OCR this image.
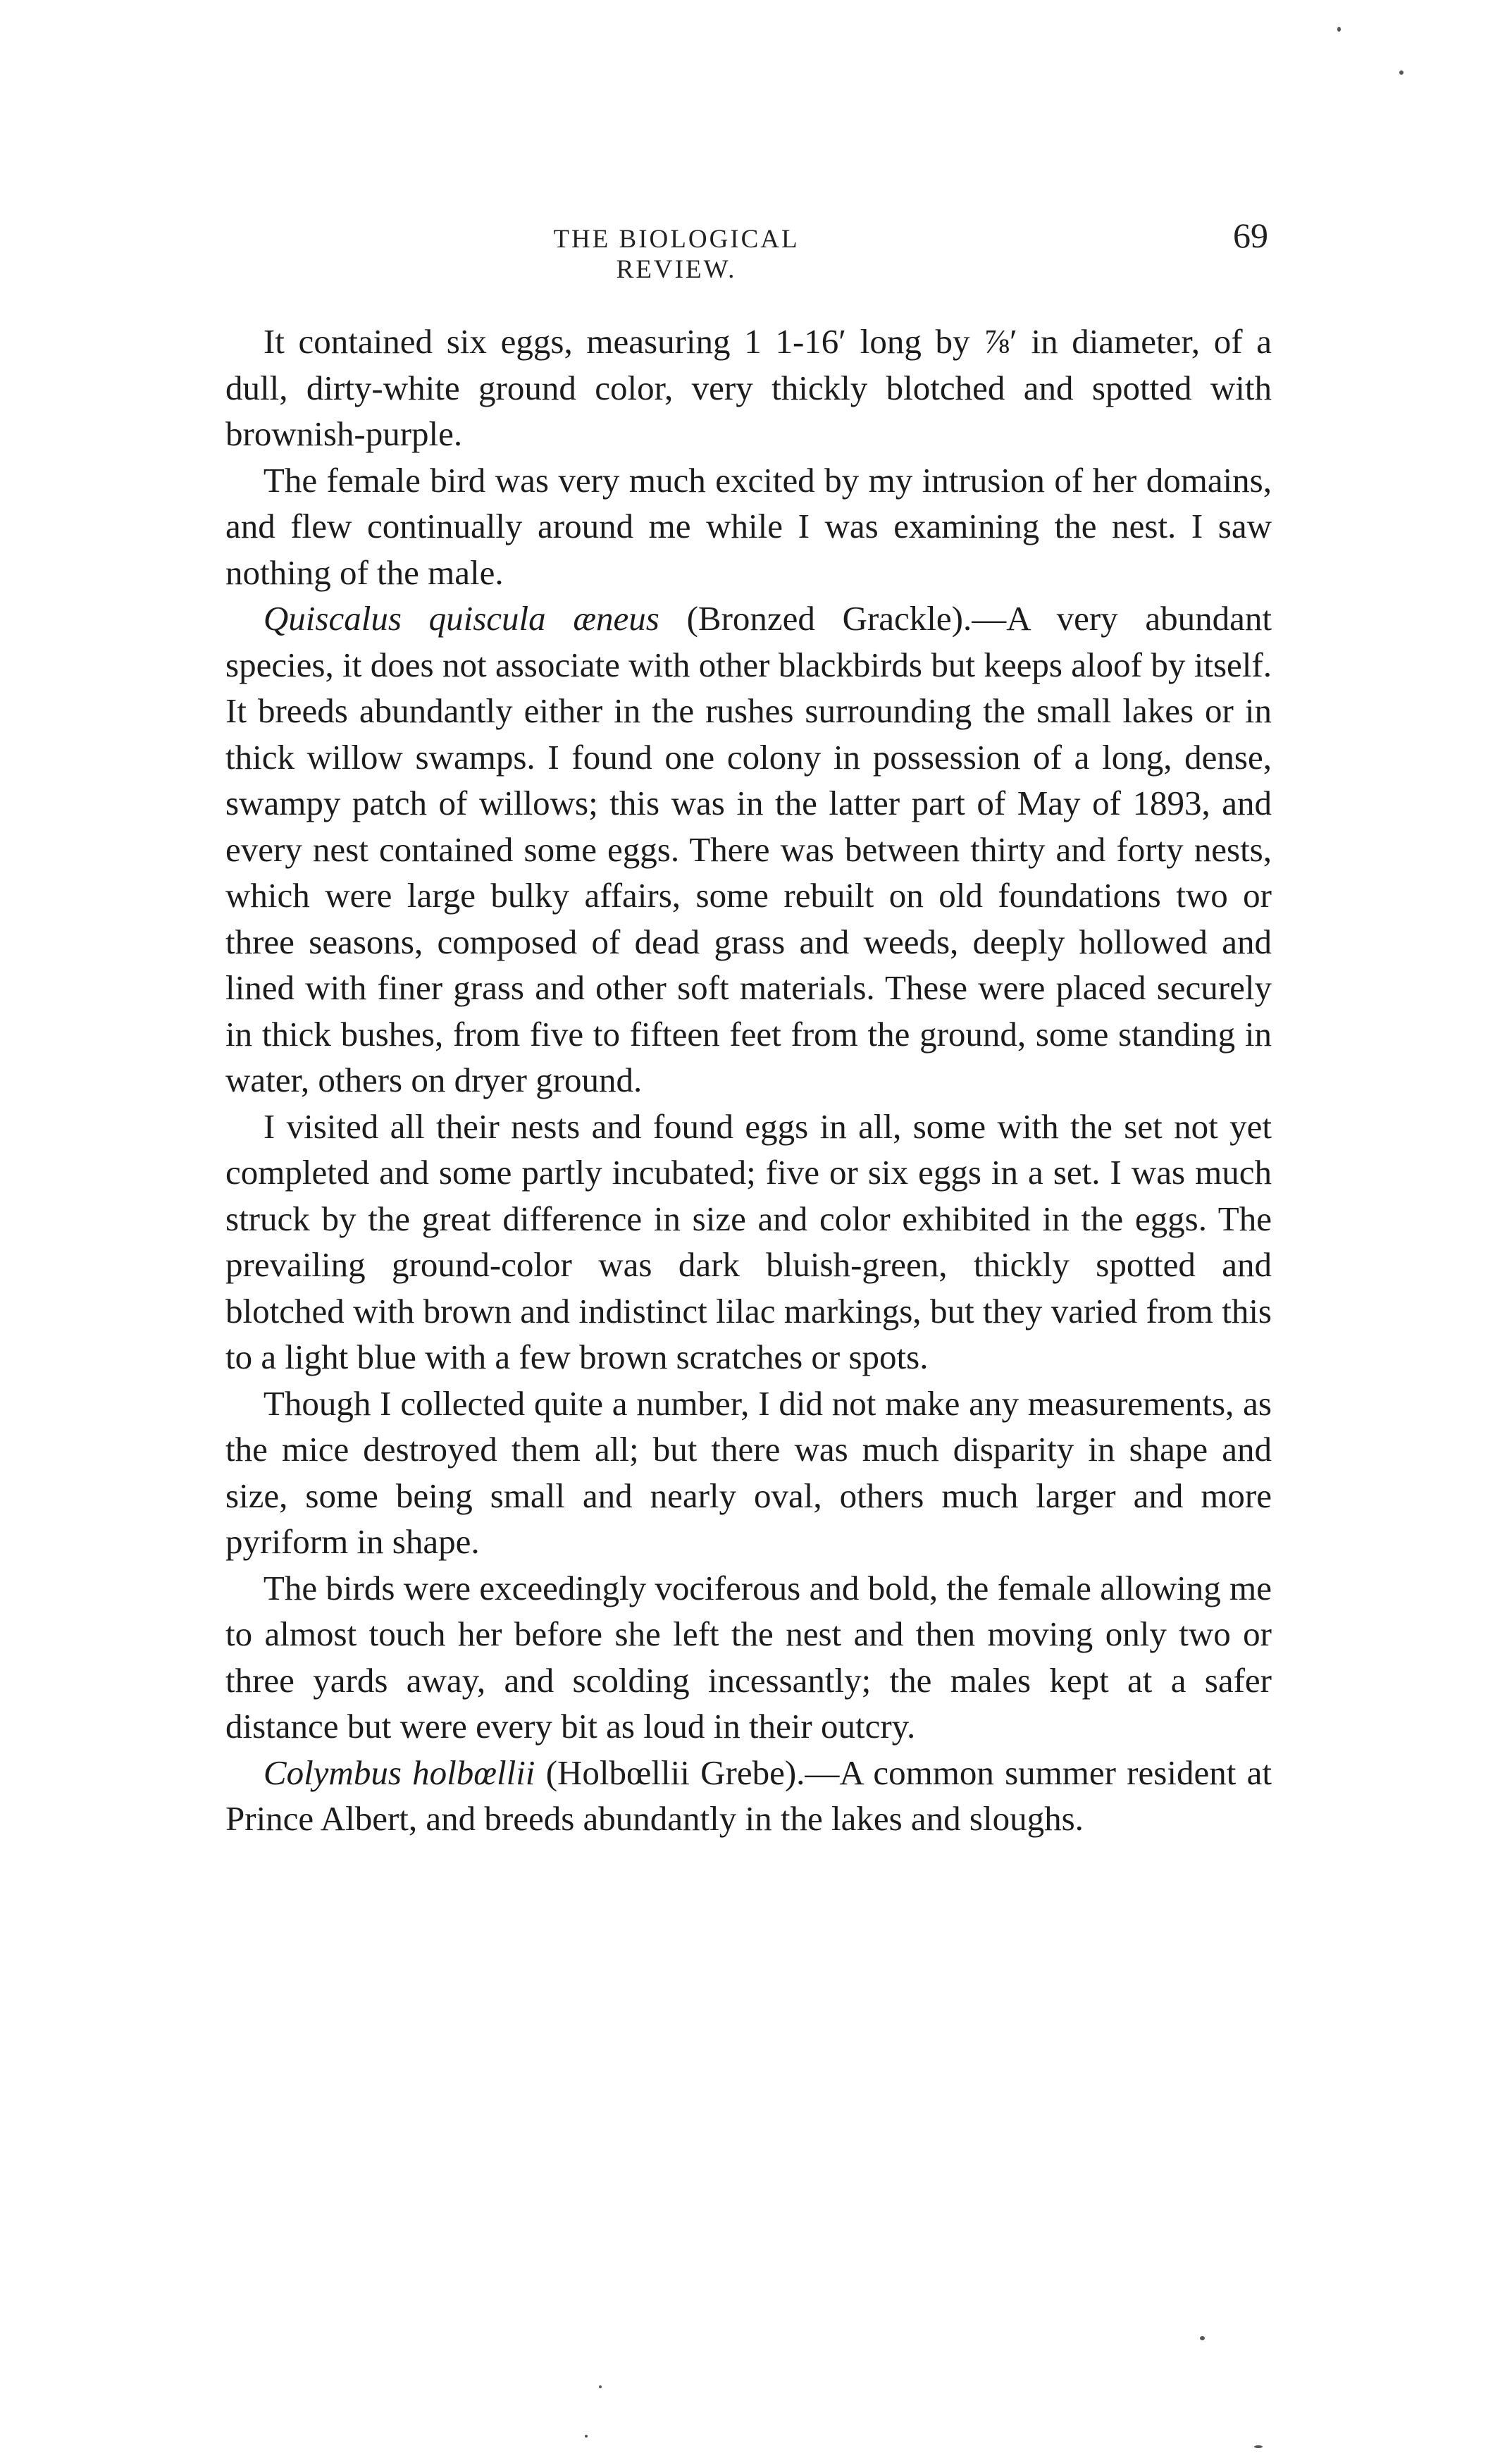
THE BIOLOGICAL REVIEW.
69

It contained six eggs, measuring 1 1-16′ long by ⅞′ in diameter, of a dull, dirty-white ground color, very thickly blotched and spotted with brownish-purple.

The female bird was very much excited by my intrusion of her domains, and flew continually around me while I was examining the nest. I saw nothing of the male.

Quiscalus quiscula æneus (Bronzed Grackle).—A very abundant species, it does not associate with other blackbirds but keeps aloof by itself. It breeds abundantly either in the rushes surrounding the small lakes or in thick willow swamps. I found one colony in possession of a long, dense, swampy patch of willows; this was in the latter part of May of 1893, and every nest contained some eggs. There was between thirty and forty nests, which were large bulky affairs, some rebuilt on old foundations two or three seasons, composed of dead grass and weeds, deeply hollowed and lined with finer grass and other soft materials. These were placed securely in thick bushes, from five to fifteen feet from the ground, some standing in water, others on dryer ground.

I visited all their nests and found eggs in all, some with the set not yet completed and some partly incubated; five or six eggs in a set. I was much struck by the great difference in size and color exhibited in the eggs. The prevailing ground-color was dark bluish-green, thickly spotted and blotched with brown and indistinct lilac markings, but they varied from this to a light blue with a few brown scratches or spots.

Though I collected quite a number, I did not make any measurements, as the mice destroyed them all; but there was much disparity in shape and size, some being small and nearly oval, others much larger and more pyriform in shape.

The birds were exceedingly vociferous and bold, the female allowing me to almost touch her before she left the nest and then moving only two or three yards away, and scolding incessantly; the males kept at a safer distance but were every bit as loud in their outcry.

Colymbus holbœllii (Holbœllii Grebe).—A common summer resident at Prince Albert, and breeds abundantly in the lakes and sloughs.
